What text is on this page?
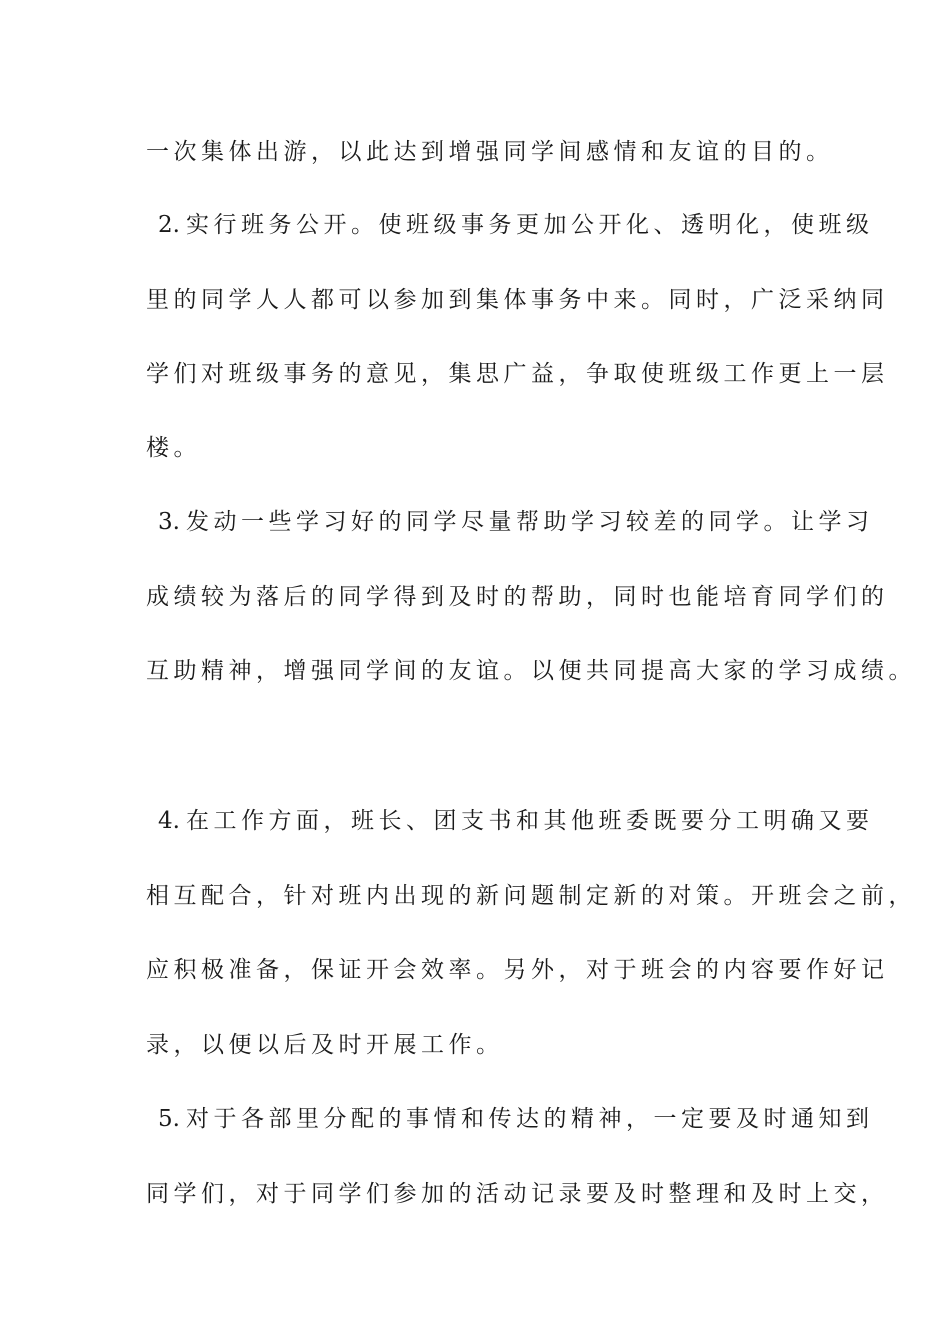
一次集体出游，以此达到增强同学间感情和友谊的目的。
2. 实行班务公开。使班级事务更加公开化、透明化，使班级
里的同学人人都可以参加到集体事务中来。同时，广泛采纳同
学们对班级事务的意见，集思广益，争取使班级工作更上一层
楼。
3. 发动一些学习好的同学尽量帮助学习较差的同学。让学习
成绩较为落后的同学得到及时的帮助，同时也能培育同学们的
互助精神，增强同学间的友谊。以便共同提高大家的学习成绩。
4. 在工作方面，班长、团支书和其他班委既要分工明确又要
相互配合，针对班内出现的新问题制定新的对策。开班会之前，
应积极准备，保证开会效率。另外，对于班会的内容要作好记
录，以便以后及时开展工作。
5. 对于各部里分配的事情和传达的精神，一定要及时通知到
同学们，对于同学们参加的活动记录要及时整理和及时上交，
